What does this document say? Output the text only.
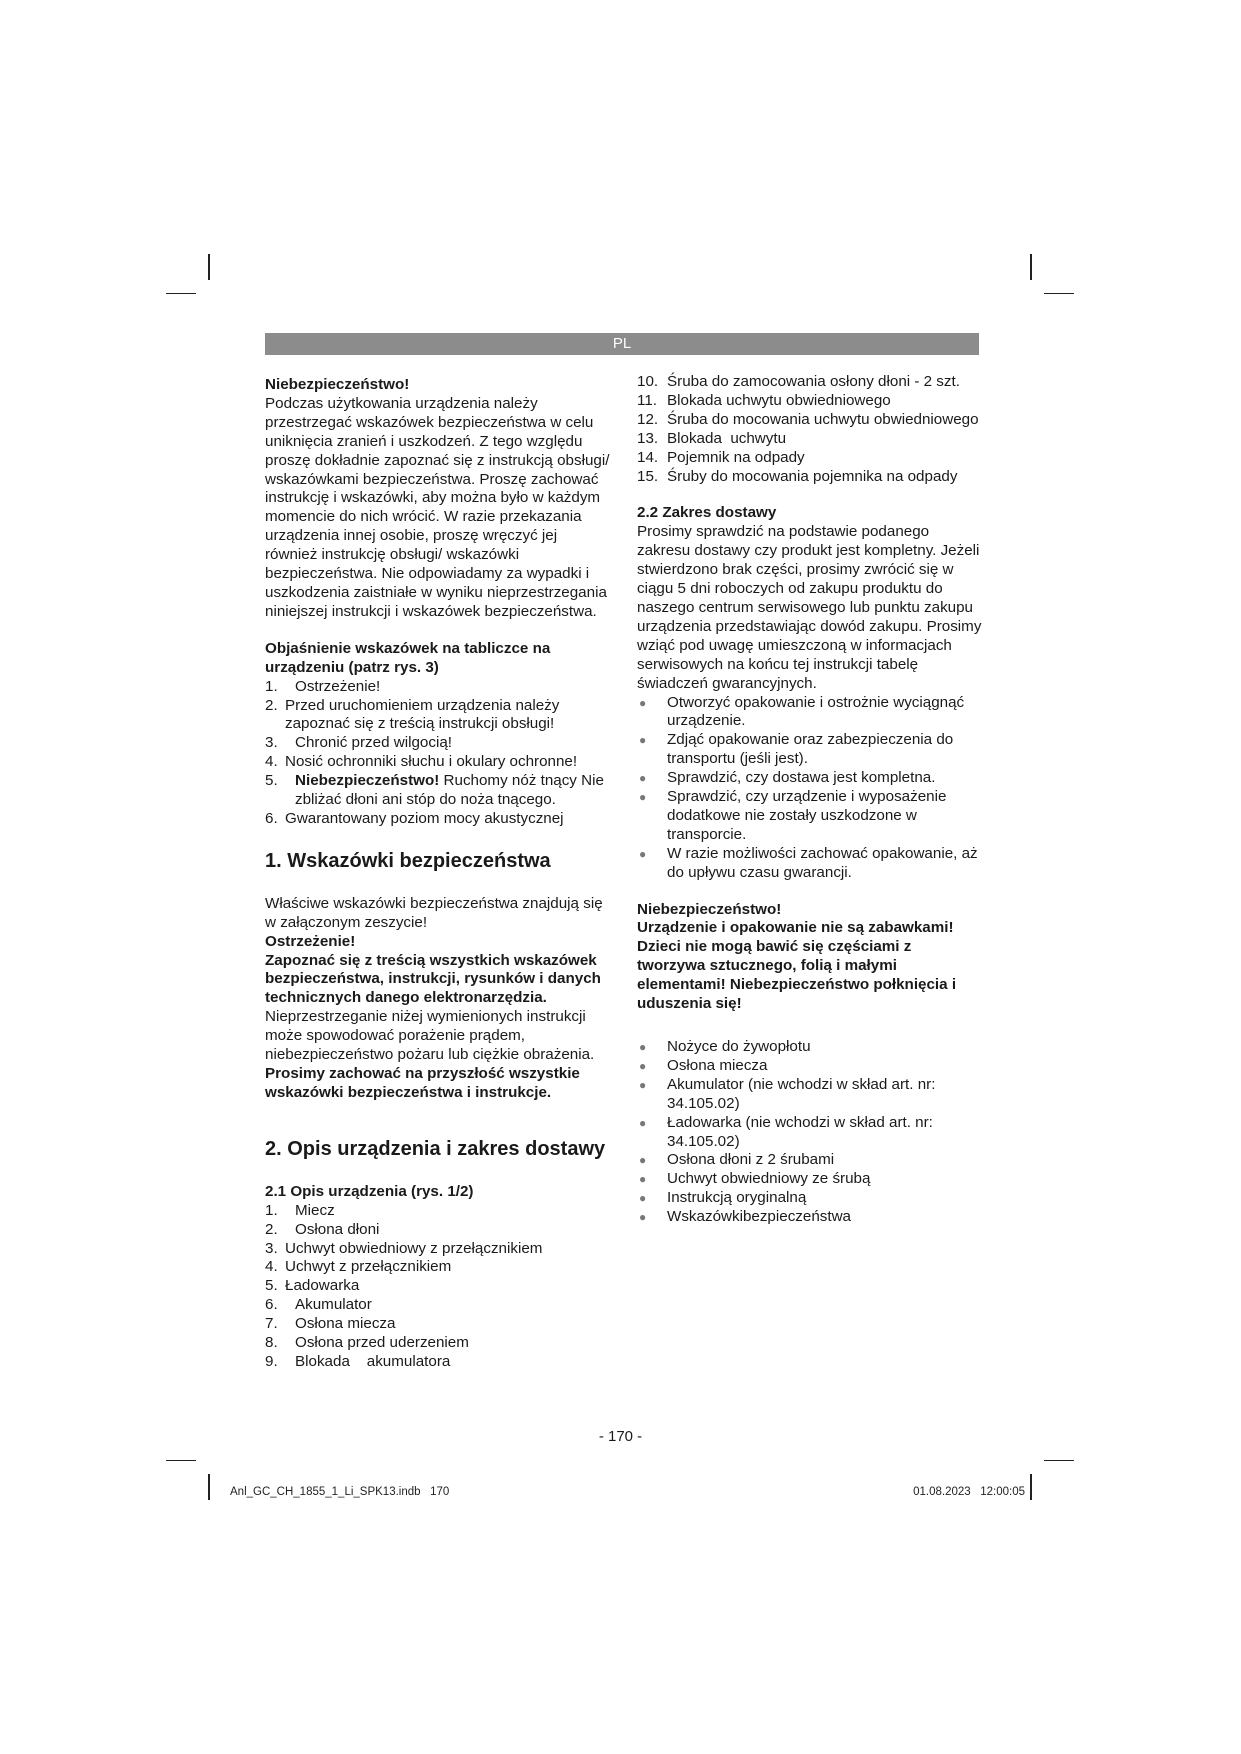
PL

Niebezpieczeństwo!

Podczas użytkowania urządzenia należy przestrzegać wskazówek bezpieczeństwa w celu uniknięcia zranień i uszkodzeń. Z tego względu proszę dokładnie zapoznać się z instrukcją obsługi/ wskazówkami bezpieczeństwa. Proszę zachować instrukcję i wskazówki, aby można było w każdym momencie do nich wrócić. W razie przekazania urządzenia innej osobie, proszę wręczyć jej również instrukcję obsługi/ wskazówki bezpieczeństwa. Nie odpowiadamy za wypadki i uszkodzenia zaistniałe w wyniku nieprzestrzegania niniejszej instrukcji i wskazówek bezpieczeństwa.

Objaśnienie wskazówek na tabliczce na urządzeniu (patrz rys. 3)

1.	Ostrzeżenie!
2. Przed uruchomieniem urządzenia należy zapoznać się z treścią instrukcji obsługi!
3.	Chronić przed wilgocią!
4. Nosić ochronniki słuchu i okulary ochronne!
5.	Niebezpieczeństwo! Ruchomy nóż tnący Nie zbliżać dłoni ani stóp do noża tnącego.
6. Gwarantowany poziom mocy akustycznej
1. Wskazówki bezpieczeństwa

Właściwe wskazówki bezpieczeństwa znajdują się w załączonym zeszycie!

Ostrzeżenie!

Zapoznać się z treścią wszystkich wskazówek bezpieczeństwa, instrukcji, rysunków i danych technicznych danego elektronarzędzia. Nieprzestrzeganie niżej wymienionych instrukcji może spowodować porażenie prądem, niebezpieczeństwo pożaru lub ciężkie obrażenia.

Prosimy zachować na przyszłość wszystkie wskazówki bezpieczeństwa i instrukcje.

2. Opis urządzenia i zakres dostawy

2.1 Opis urządzenia (rys. 1/2)

1.	Miecz
2.	Osłona dłoni
3. Uchwyt obwiedniowy z przełącznikiem
4. Uchwyt z przełącznikiem
5. Ładowarka
6.	Akumulator
7.	Osłona miecza
8.	Osłona przed uderzeniem
9.	Blokada    akumulatora
10. Śruba do zamocowania osłony dłoni - 2 szt.
11. Blokada uchwytu obwiedniowego
12. Śruba do mocowania uchwytu obwiedniowego
13. Blokada  uchwytu
14. Pojemnik na odpady
15. Śruby do mocowania pojemnika na odpady

2.2 Zakres dostawy

Prosimy sprawdzić na podstawie podanego zakresu dostawy czy produkt jest kompletny. Jeżeli stwierdzono brak części, prosimy zwrócić się w ciągu 5 dni roboczych od zakupu produktu do naszego centrum serwisowego lub punktu zakupu urządzenia przedstawiając dowód zakupu. Prosimy wziąć pod uwagę umieszczoną w informacjach serwisowych na końcu tej instrukcji tabelę świadczeń gwarancyjnych.

●	Otworzyć opakowanie i ostrożnie wyciągnąć urządzenie.
●	Zdjąć opakowanie oraz zabezpieczenia do transportu (jeśli jest).
●	Sprawdzić, czy dostawa jest kompletna.
●	Sprawdzić, czy urządzenie i wyposażenie dodatkowe nie zostały uszkodzone w transporcie.
●	W razie możliwości zachować opakowanie, aż do upływu czasu gwarancji.

Niebezpieczeństwo!

Urządzenie i opakowanie nie są zabawkami! Dzieci nie mogą bawić się częściami z tworzywa sztucznego, folią i małymi elementami! Niebezpieczeństwo połknięcia i uduszenia się!

●	Nożyce do żywopłotu
●	Osłona miecza
●	Akumulator (nie wchodzi w skład art. nr: 34.105.02)
●	Ładowarka (nie wchodzi w skład art. nr: 34.105.02)
●	Osłona dłoni z 2 śrubami
●	Uchwyt obwiedniowy ze śrubą
●	Instrukcją oryginalną
●	Wskazówkibezpieczeństwa
- 170 -
Anl_GC_CH_1855_1_Li_SPK13.indb   170	01.08.2023   12:00:05
